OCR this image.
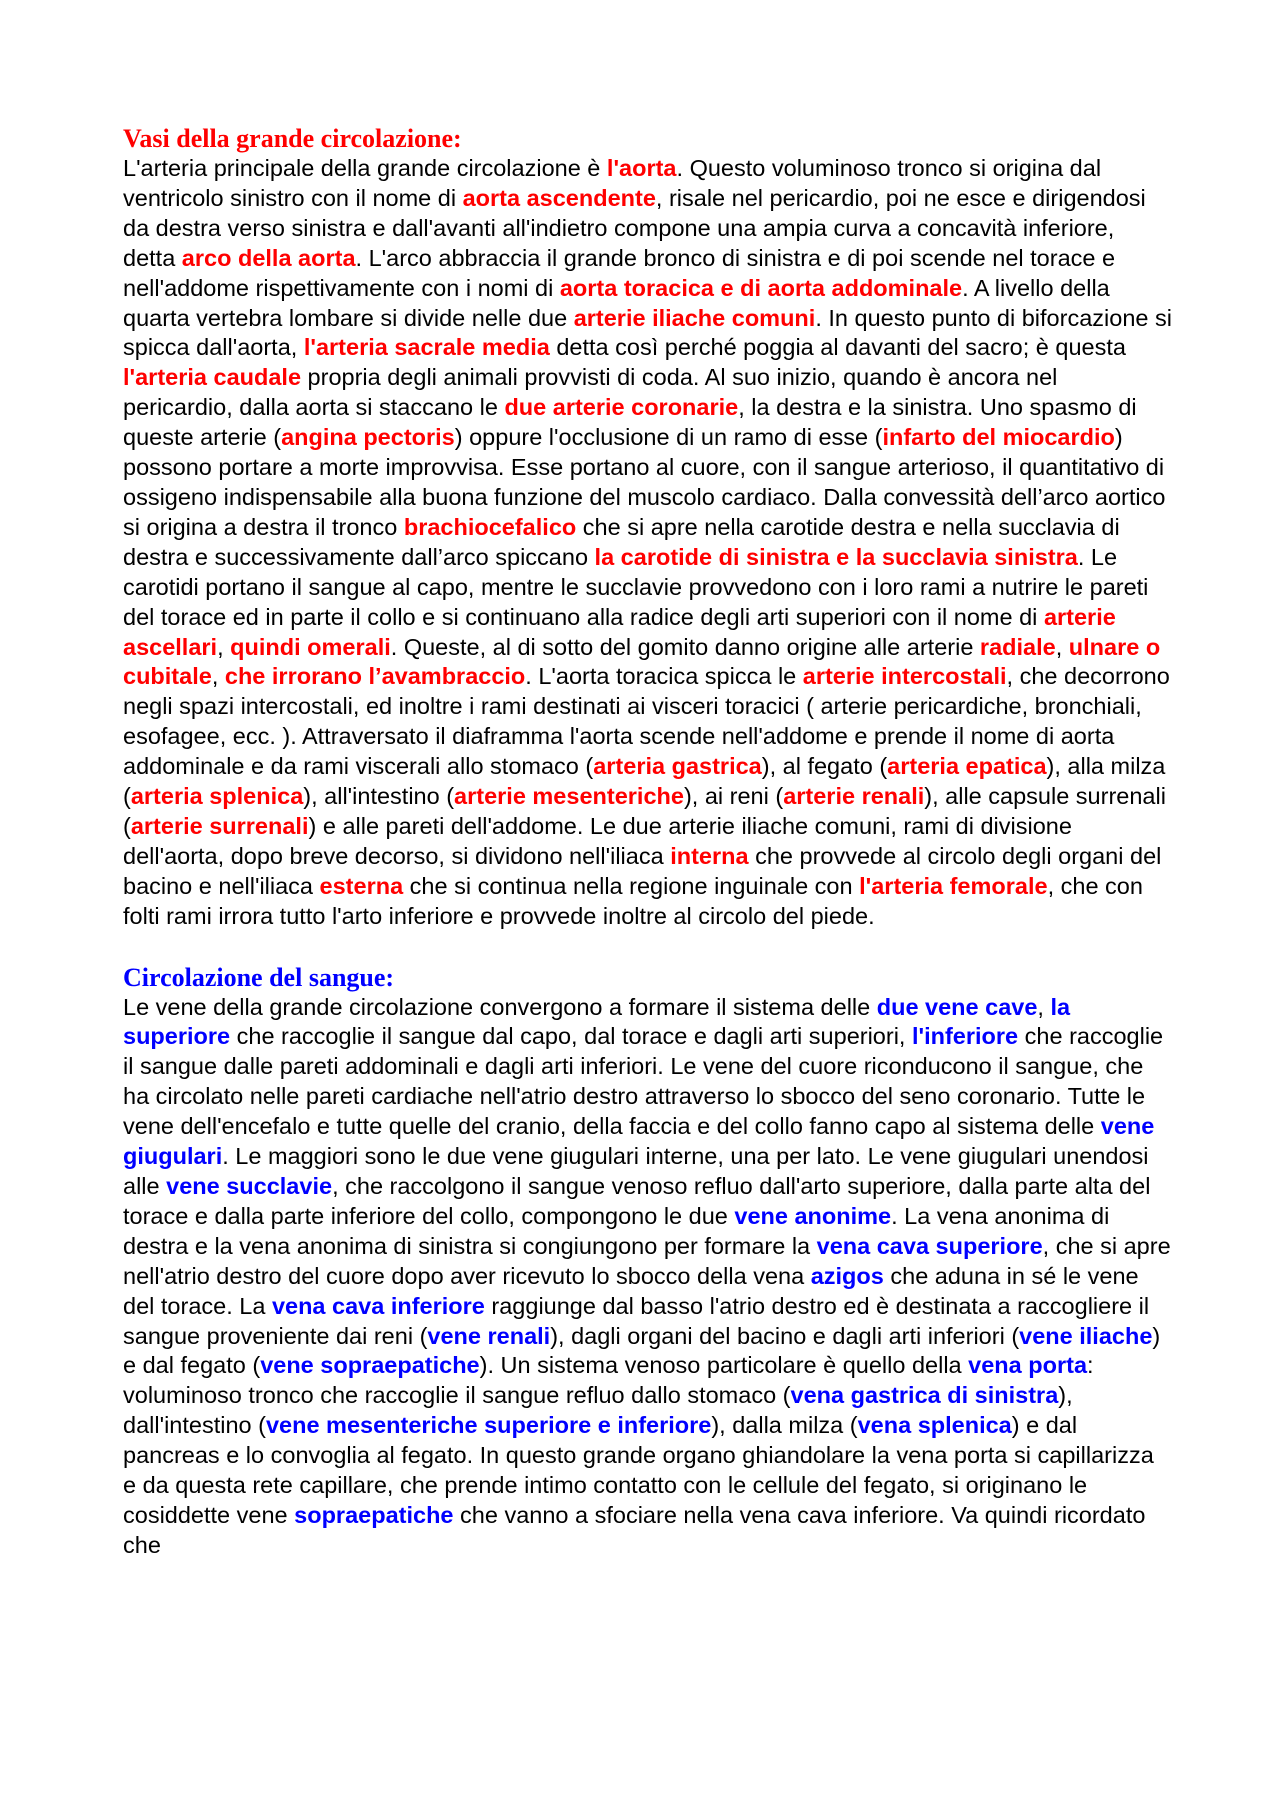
Vasi della grande circolazione:

L'arteria principale della grande circolazione è l'aorta. Questo voluminoso tronco si origina dal ventricolo sinistro con il nome di aorta ascendente, risale nel pericardio, poi ne esce e dirigendosi da destra verso sinistra e dall'avanti all'indietro compone una ampia curva a concavità inferiore, detta arco della aorta. L'arco abbraccia il grande bronco di sinistra e di poi scende nel torace e nell'addome rispettivamente con i nomi di aorta toracica e di aorta addominale. A livello della quarta vertebra lombare si divide nelle due arterie iliache comuni. In questo punto di biforcazione si spicca dall'aorta, l'arteria sacrale media detta così perché poggia al davanti del sacro; è questa l'arteria caudale propria degli animali provvisti di coda. Al suo inizio, quando è ancora nel pericardio, dalla aorta si staccano le due arterie coronarie, la destra e la sinistra. Uno spasmo di queste arterie (angina pectoris) oppure l'occlusione di un ramo di esse (infarto del miocardio) possono portare a morte improvvisa. Esse portano al cuore, con il sangue arterioso, il quantitativo di ossigeno indispensabile alla buona funzione del muscolo cardiaco. Dalla convessità dell’arco aortico si origina a destra il tronco brachiocefalico che si apre nella carotide destra e nella succlavia di destra e successivamente dall’arco spiccano la carotide di sinistra e la succlavia sinistra. Le carotidi portano il sangue al capo, mentre le succlavie provvedono con i loro rami a nutrire le pareti del torace ed in parte il collo e si continuano alla radice degli arti superiori con il nome di arterie ascellari, quindi omerali. Queste, al di sotto del gomito danno origine alle arterie radiale, ulnare o cubitale, che irrorano l’avambraccio. L'aorta toracica spicca le arterie intercostali, che decorrono negli spazi intercostali, ed inoltre i rami destinati ai visceri toracici ( arterie pericardiche, bronchiali, esofagee, ecc. ). Attraversato il diaframma l'aorta scende nell'addome e prende il nome di aorta addominale e da rami viscerali allo stomaco (arteria gastrica), al fegato (arteria epatica), alla milza (arteria splenica), all'intestino (arterie mesenteriche), ai reni (arterie renali), alle capsule surrenali (arterie surrenali) e alle pareti dell'addome. Le due arterie iliache comuni, rami di divisione dell'aorta, dopo breve decorso, si dividono nell'iliaca interna che provvede al circolo degli organi del bacino e nell'iliaca esterna che si continua nella regione inguinale con l'arteria femorale, che con folti rami irrora tutto l'arto inferiore e provvede inoltre al circolo del piede.

Circolazione del sangue:

Le vene della grande circolazione convergono a formare il sistema delle due vene cave, la superiore che raccoglie il sangue dal capo, dal torace e dagli arti superiori, l'inferiore che raccoglie il sangue dalle pareti addominali e dagli arti inferiori. Le vene del cuore riconducono il sangue, che ha circolato nelle pareti cardiache nell'atrio destro attraverso lo sbocco del seno coronario. Tutte le vene dell'encefalo e tutte quelle del cranio, della faccia e del collo fanno capo al sistema delle vene giugulari. Le maggiori sono le due vene giugulari interne, una per lato. Le vene giugulari unendosi alle vene succlavie, che raccolgono il sangue venoso refluo dall'arto superiore, dalla parte alta del torace e dalla parte inferiore del collo, compongono le due vene anonime. La vena anonima di destra e la vena anonima di sinistra si congiungono per formare la vena cava superiore, che si apre nell'atrio destro del cuore dopo aver ricevuto lo sbocco della vena azigos che aduna in sé le vene del torace. La vena cava inferiore raggiunge dal basso l'atrio destro ed è destinata a raccogliere il sangue proveniente dai reni (vene renali), dagli organi del bacino e dagli arti inferiori (vene iliache) e dal fegato (vene sopraepatiche). Un sistema venoso particolare è quello della vena porta: voluminoso tronco che raccoglie il sangue refluo dallo stomaco (vena gastrica di sinistra), dall'intestino (vene mesenteriche superiore e inferiore), dalla milza (vena splenica) e dal pancreas e lo convoglia al fegato. In questo grande organo ghiandolare la vena porta si capillarizza e da questa rete capillare, che prende intimo contatto con le cellule del fegato, si originano le cosiddette vene sopraepatiche che vanno a sfociare nella vena cava inferiore. Va quindi ricordato che
